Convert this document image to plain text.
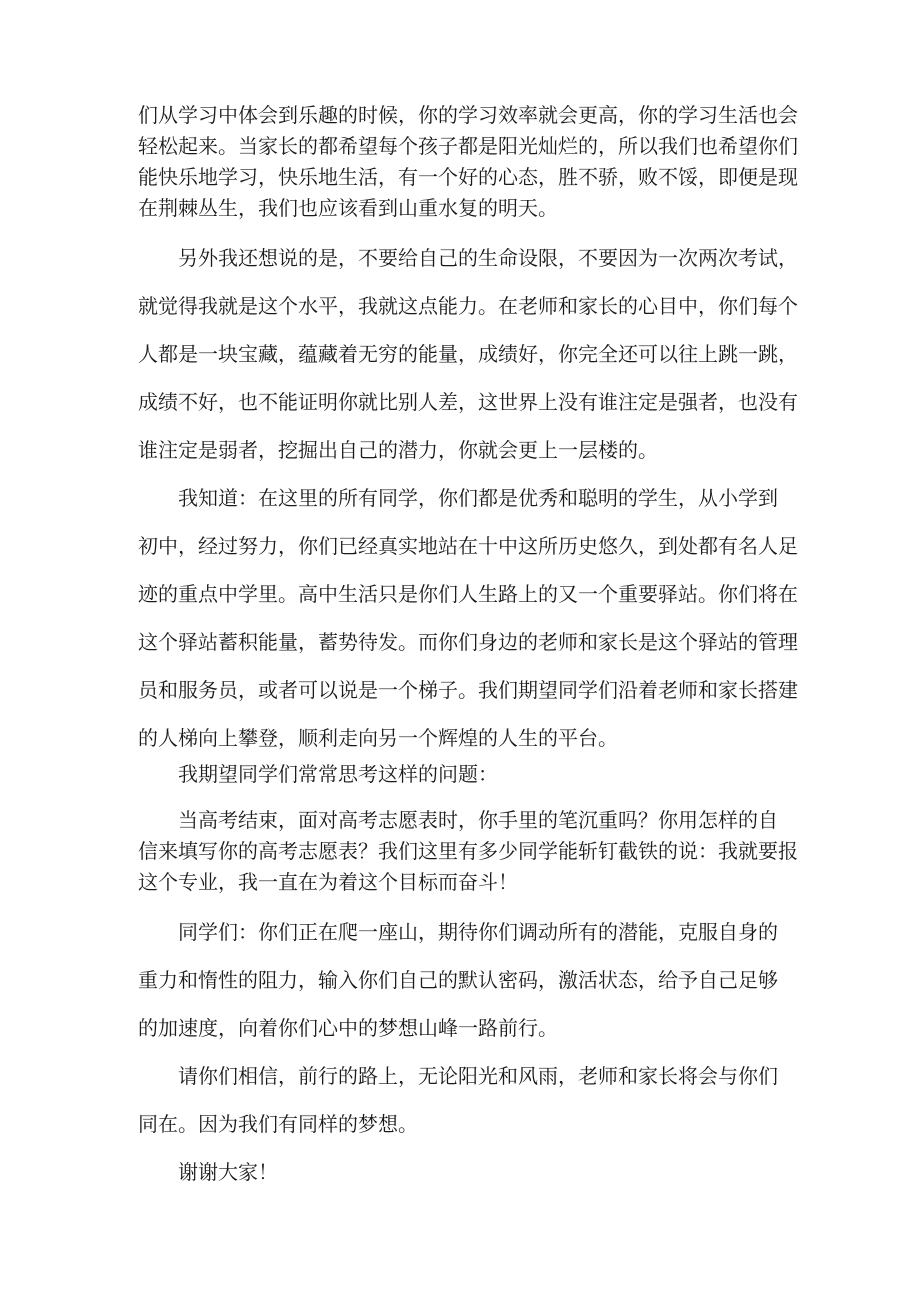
们从学习中体会到乐趣的时候，你的学习效率就会更高，你的学习生活也会
轻松起来。当家长的都希望每个孩子都是阳光灿烂的，所以我们也希望你们
能快乐地学习，快乐地生活，有一个好的心态，胜不骄，败不馁，即便是现
在荆棘丛生，我们也应该看到山重水复的明天。
另外我还想说的是，不要给自己的生命设限，不要因为一次两次考试，
就觉得我就是这个水平，我就这点能力。在老师和家长的心目中，你们每个
人都是一块宝藏，蕴藏着无穷的能量，成绩好，你完全还可以往上跳一跳，
成绩不好，也不能证明你就比别人差，这世界上没有谁注定是强者，也没有
谁注定是弱者，挖掘出自己的潜力，你就会更上一层楼的。
我知道：在这里的所有同学，你们都是优秀和聪明的学生，从小学到
初中，经过努力，你们已经真实地站在十中这所历史悠久，到处都有名人足
迹的重点中学里。高中生活只是你们人生路上的又一个重要驿站。你们将在
这个驿站蓄积能量，蓄势待发。而你们身边的老师和家长是这个驿站的管理
员和服务员，或者可以说是一个梯子。我们期望同学们沿着老师和家长搭建
的人梯向上攀登，顺利走向另一个辉煌的人生的平台。
我期望同学们常常思考这样的问题：
当高考结束，面对高考志愿表时，你手里的笔沉重吗？你用怎样的自
信来填写你的高考志愿表？我们这里有多少同学能斩钉截铁的说：我就要报
这个专业，我一直在为着这个目标而奋斗！
同学们：你们正在爬一座山，期待你们调动所有的潜能，克服自身的
重力和惰性的阻力，输入你们自己的默认密码，激活状态，给予自己足够
的加速度，向着你们心中的梦想山峰一路前行。
请你们相信，前行的路上，无论阳光和风雨，老师和家长将会与你们
同在。因为我们有同样的梦想。
谢谢大家！
